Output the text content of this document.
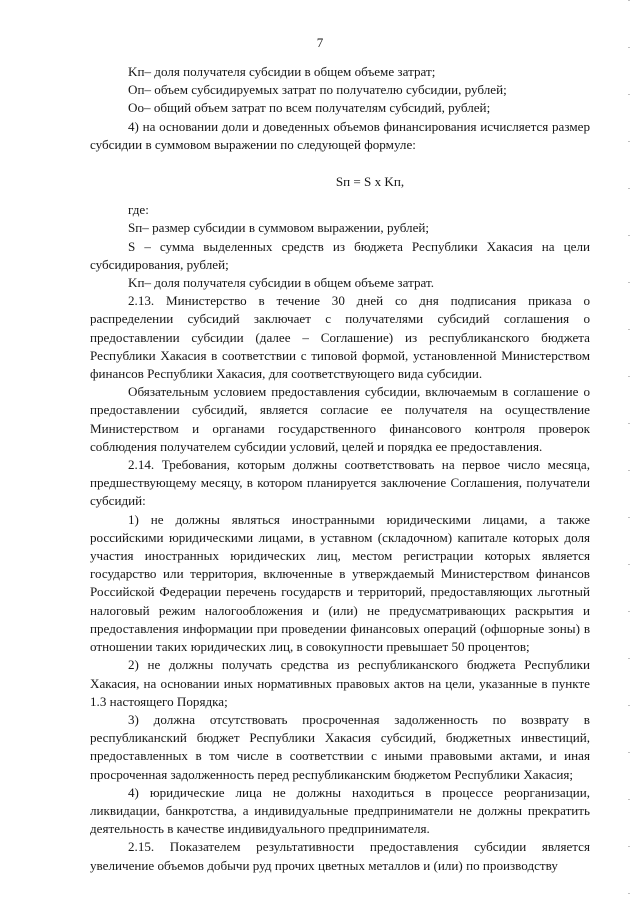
7

Kп– доля получателя субсидии в общем объеме затрат;

Оп– объем субсидируемых затрат по получателю субсидии, рублей;

Оо– общий объем затрат по всем получателям субсидий, рублей;

4) на основании доли и доведенных объемов финансирования исчисляется размер субсидии в суммовом выражении по следующей формуле:

Sп = S x Kп,

где:

Sп– размер субсидии в суммовом выражении, рублей;

S – сумма выделенных средств из бюджета Республики Хакасия на цели субсидирования, рублей;

Kп– доля получателя субсидии в общем объеме затрат.

2.13. Министерство в течение 30 дней со дня подписания приказа о распределении субсидий заключает с получателями субсидий соглашения о предоставлении субсидии (далее – Соглашение) из республиканского бюджета Республики Хакасия в соответствии с типовой формой, установленной Министерством финансов Республики Хакасия, для соответствующего вида субсидии.

Обязательным условием предоставления субсидии, включаемым в соглашение о предоставлении субсидий, является согласие ее получателя на осуществление Министерством и органами государственного финансового контроля проверок соблюдения получателем субсидии условий, целей и порядка ее предоставления.

2.14. Требования, которым должны соответствовать на первое число месяца, предшествующему месяцу, в котором планируется заключение Соглашения, получатели субсидий:

1) не должны являться иностранными юридическими лицами, а также российскими юридическими лицами, в уставном (складочном) капитале которых доля участия иностранных юридических лиц, местом регистрации которых является государство или территория, включенные в утверждаемый Министерством финансов Российской Федерации перечень государств и территорий, предоставляющих льготный налоговый режим налогообложения и (или) не предусматривающих раскрытия и предоставления информации при проведении финансовых операций (офшорные зоны) в отношении таких юридических лиц, в совокупности превышает 50 процентов;

2) не должны получать средства из республиканского бюджета Республики Хакасия, на основании иных нормативных правовых актов на цели, указанные в пункте 1.3 настоящего Порядка;

3) должна отсутствовать просроченная задолженность по возврату в республиканский бюджет Республики Хакасия субсидий, бюджетных инвестиций, предоставленных в том числе в соответствии с иными правовыми актами, и иная просроченная задолженность перед республиканским бюджетом Республики Хакасия;

4) юридические лица не должны находиться в процессе реорганизации, ликвидации, банкротства, а индивидуальные предприниматели не должны прекратить деятельность в качестве индивидуального предпринимателя.

2.15. Показателем результативности предоставления субсидии является увеличение объемов добычи руд прочих цветных металлов и (или) по производству
